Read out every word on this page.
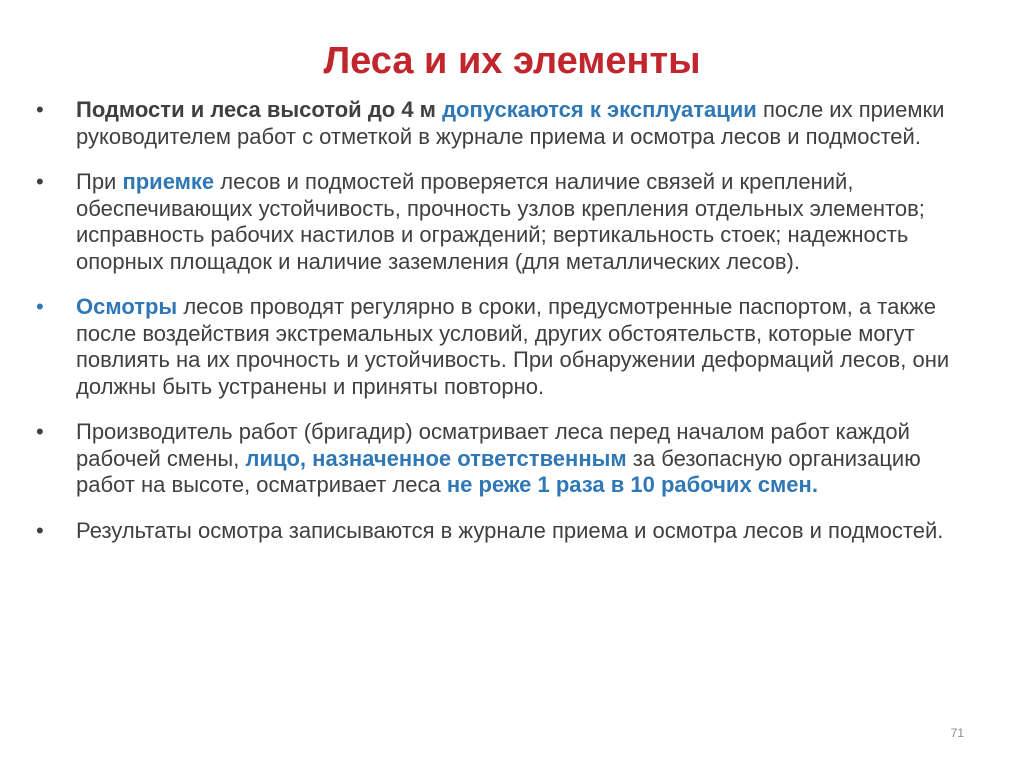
Леса и их элементы
• Подмости и леса высотой до 4 м допускаются к эксплуатации после их приемки руководителем работ с отметкой в журнале приема и осмотра лесов и подмостей.
• При приемке лесов и подмостей проверяется наличие связей и креплений, обеспечивающих устойчивость, прочность узлов крепления отдельных элементов; исправность рабочих настилов и ограждений; вертикальность стоек; надежность опорных площадок и наличие заземления (для металлических лесов).
• Осмотры лесов проводят регулярно в сроки, предусмотренные паспортом, а также после воздействия экстремальных условий, других обстоятельств, которые могут повлиять на их прочность и устойчивость. При обнаружении деформаций лесов, они должны быть устранены и приняты повторно.
• Производитель работ (бригадир) осматривает леса перед началом работ каждой рабочей смены, лицо, назначенное ответственным за безопасную организацию работ на высоте, осматривает леса не реже 1 раза в 10 рабочих смен.
• Результаты осмотра записываются в журнале приема и осмотра лесов и подмостей.
71
